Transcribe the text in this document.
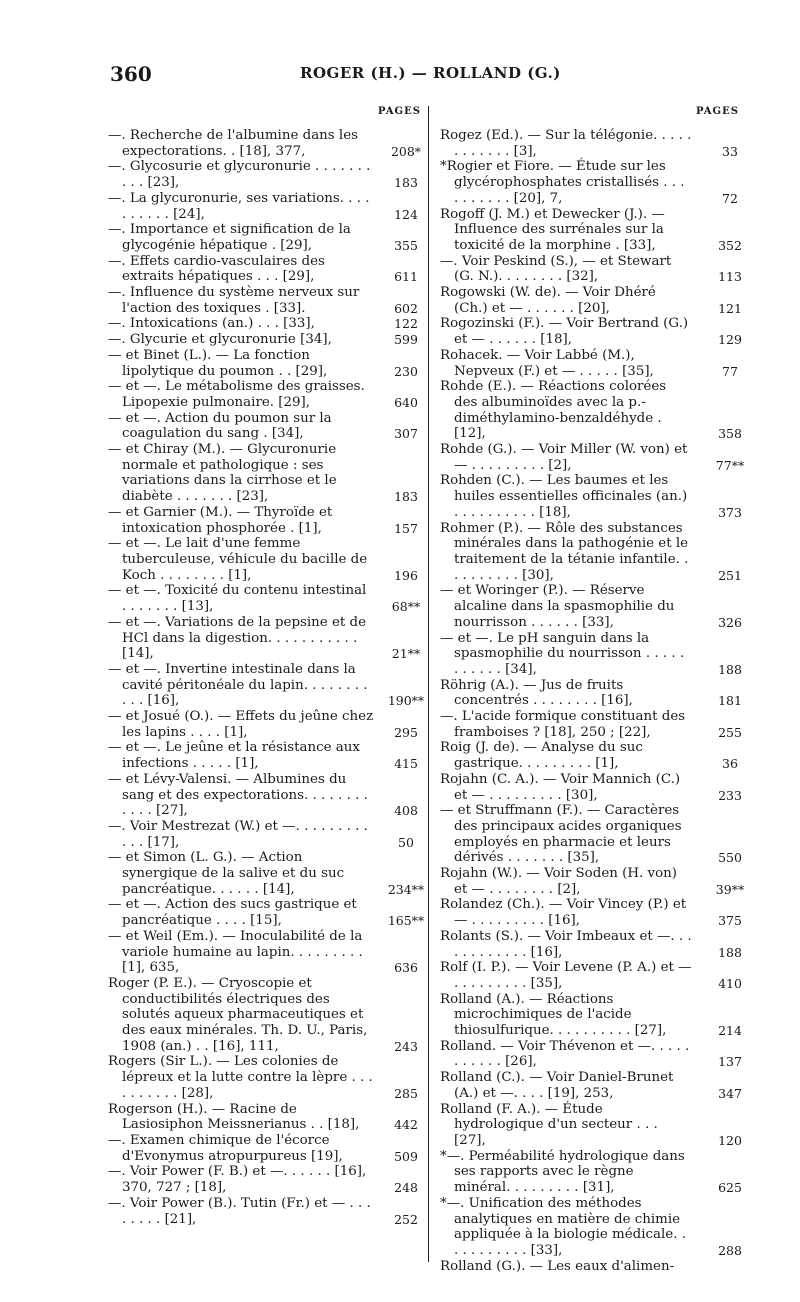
360	ROGER (H.) — ROLLAND (G.)
PAGES	PAGES
—. Recherche de l'albumine dans les expectorations. . [18], 377,	208*
—. Glycosurie et glycuronurie . . . . . . . . . . [23],	183
—. La glycuronurie, ses variations. . . . . . . . . . [24],	124
—. Importance et signification de la glycogénie hépatique . [29],	355
—. Effets cardio-vasculaires des extraits hépatiques . . . [29],	611
—. Influence du système nerveux sur l'action des toxiques . [33].	602
—. Intoxications (an.) . . . [33],	122
—. Glycurie et glycuronurie [34],	599
— et Binet (L.). — La fonction lipolytique du poumon . . [29],	230
— et —. Le métabolisme des graisses. Lipopexie pulmonaire. [29],	640
— et —. Action du poumon sur la coagulation du sang . [34],	307
— et Chiray (M.). — Glycuronurie normale et pathologique : ses variations dans la cirrhose et le diabète . . . . . . . [23],	183
— et Garnier (M.). — Thyroïde et intoxication phosphorée . [1],	157
— et —. Le lait d'une femme tuberculeuse, véhicule du bacille de Koch . . . . . . . . [1],	196
— et —. Toxicité du contenu intestinal . . . . . . . [13],	68**
— et —. Variations de la pepsine et de HCl dans la digestion. . . . . . . . . . . [14],	21**
— et —. Invertine intestinale dans la cavité péritonéale du lapin. . . . . . . . . . . [16],	190**
— et Josué (O.). — Effets du jeûne chez les lapins . . . . [1],	295
— et —. Le jeûne et la résistance aux infections . . . . . [1],	415
— et Lévy-Valensi. — Albumines du sang et des expectorations. . . . . . . . . . . . [27],	408
—. Voir Mestrezat (W.) et —. . . . . . . . . . . . [17],	50
— et Simon (L. G.). — Action synergique de la salive et du suc pancréatique. . . . . . [14],	234**
— et —. Action des sucs gastrique et pancréatique . . . . [15],	165**
— et Weil (Em.). — Inoculabilité de la variole humaine au lapin. . . . . . . . . [1], 635,	636
Roger (P. E.). — Cryoscopie et conductibilités électriques des solutés aqueux pharmaceutiques et des eaux minérales. Th. D. U., Paris, 1908 (an.) . . [16], 111,	243
Rogers (Sir L.). — Les colonies de lépreux et la lutte contre la lèpre . . . . . . . . . . [28],	285
Rogerson (H.). — Racine de Lasiosiphon Meissnerianus . . [18],	442
—. Examen chimique de l'écorce d'Evonymus atropurpureus [19],	509
—. Voir Power (F. B.) et —. . . . . . [16], 370, 727 ; [18],	248
—. Voir Power (B.). Tutin (Fr.) et — . . . . . . . . [21],	252
Rogez (Ed.). — Sur la télégonie. . . . . . . . . . . . [3],	33
*Rogier et Fiore. — Étude sur les glycérophosphates cristallisés . . . . . . . . . . [20], 7,	72
Rogoff (J. M.) et Dewecker (J.). — Influence des surrénales sur la toxicité de la morphine . [33],	352
—. Voir Peskind (S.), — et Stewart (G. N.). . . . . . . . [32],	113
Rogowski (W. de). — Voir Dhéré (Ch.) et — . . . . . . [20],	121
Rogozinski (F.). — Voir Bertrand (G.) et — . . . . . . [18],	129
Rohacek. — Voir Labbé (M.), Nepveux (F.) et — . . . . . [35],	77
Rohde (E.). — Réactions colorées des albuminoïdes avec la p.-diméthylamino-benzaldéhyde . [12],	358
Rohde (G.). — Voir Miller (W. von) et — . . . . . . . . . [2],	77**
Rohden (C.). — Les baumes et les huiles essentielles officinales (an.) . . . . . . . . . . [18],	373
Rohmer (P.). — Rôle des substances minérales dans la pathogénie et le traitement de la tétanie infantile. . . . . . . . . . [30],	251
— et Woringer (P.). — Réserve alcaline dans la spasmophilie du nourrisson . . . . . . [33],	326
— et —. Le pH sanguin dans la spasmophilie du nourrisson . . . . . . . . . . . [34],	188
Röhrig (A.). — Jus de fruits concentrés . . . . . . . . [16],	181
—. L'acide formique constituant des framboises ? [18], 250 ; [22],	255
Roig (J. de). — Analyse du suc gastrique. . . . . . . . . [1],	36
Rojahn (C. A.). — Voir Mannich (C.) et — . . . . . . . . . [30],	233
— et Struffmann (F.). — Caractères des principaux acides organiques employés en pharmacie et leurs dérivés . . . . . . . [35],	550
Rojahn (W.). — Voir Soden (H. von) et — . . . . . . . . [2],	39**
Rolandez (Ch.). — Voir Vincey (P.) et — . . . . . . . . . [16],	375
Rolants (S.). — Voir Imbeaux et —. . . . . . . . . . . . [16],	188
Rolf (I. P.). — Voir Levene (P. A.) et — . . . . . . . . . [35],	410
Rolland (A.). — Réactions microchimiques de l'acide thiosulfurique. . . . . . . . . . [27],	214
Rolland. — Voir Thévenon et —. . . . . . . . . . . [26],	137
Rolland (C.). — Voir Daniel-Brunet (A.) et —. . . . [19], 253,	347
Rolland (F. A.). — Étude hydrologique d'un secteur . . . [27],	120
*—. Perméabilité hydrologique dans ses rapports avec le règne minéral. . . . . . . . . [31],	625
*—. Unification des méthodes analytiques en matière de chimie appliquée à la biologie médicale. . . . . . . . . . . [33],	288
Rolland (G.). — Les eaux d'alimen-
